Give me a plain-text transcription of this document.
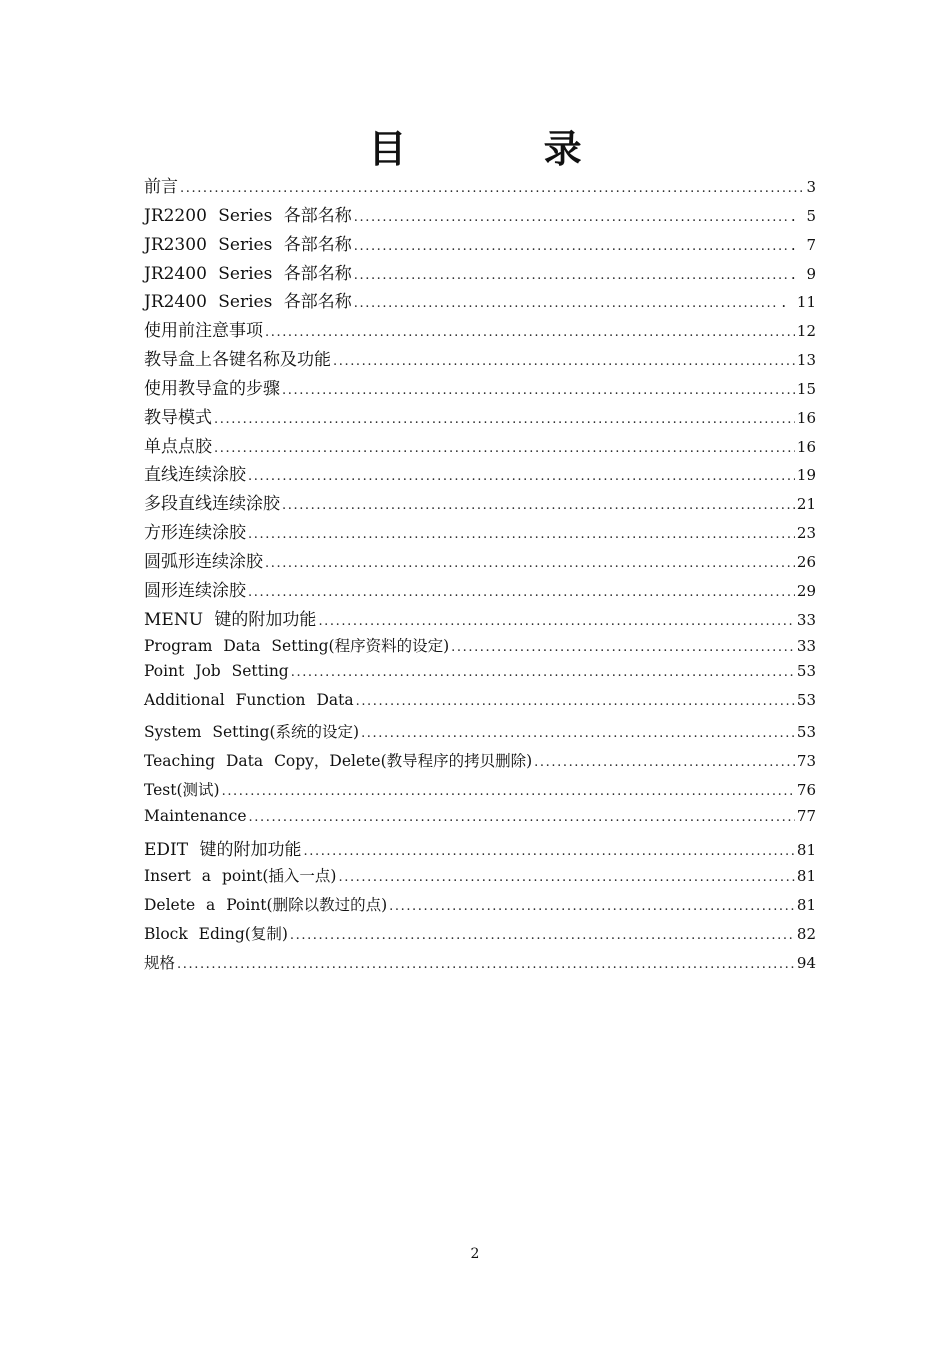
目 录
前言 .....	3
JR2200 Series 各部名称 .....	. 5
JR2300 Series 各部名称 .....	. 7
JR2400 Series 各部名称 .....	. 9
JR2400 Series 各部名称 .....	. 11
使用前注意事项 .....	12
教导盒上各键名称及功能 .....	13
使用教导盒的步骤 .....	15
教导模式 .....	16
单点点胶 .....	16
直线连续涂胶 .....	19
多段直线连续涂胶 .....	21
方形连续涂胶 .....	23
圆弧形连续涂胶 .....	26
圆形连续涂胶 .....	29
MENU 键的附加功能 .....	33
Program Data Setting(程序资料的设定) .....	33
Point Job Setting .....	53
Additional Function Data .....	53
System Setting(系统的设定) .....	53
Teaching Data Copy，Delete(教导程序的拷贝删除) .....	73
Test(测试) .....	76
Maintenance .....	77
EDIT 键的附加功能 .....	81
Insert a point(插入一点) .....	81
Delete a Point(删除以教过的点) .....	81
Block Eding(复制) .....	82
规格 .....	94
2
